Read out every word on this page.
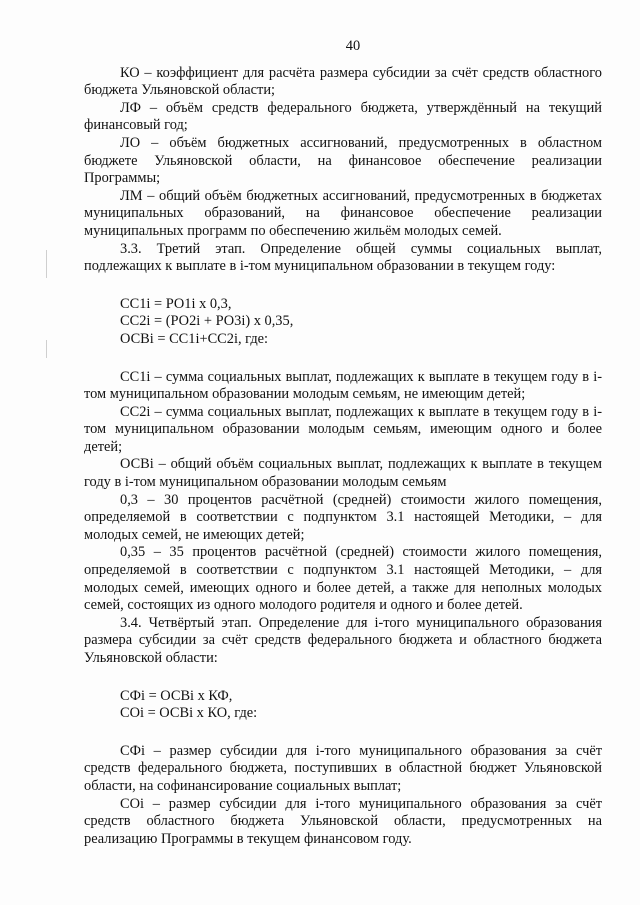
40

КО – коэффициент для расчёта размера субсидии за счёт средств областного бюджета Ульяновской области;

ЛФ – объём средств федерального бюджета, утверждённый на текущий финансовый год;

ЛО – объём бюджетных ассигнований, предусмотренных в областном бюджете Ульяновской области, на финансовое обеспечение реализации Программы;

ЛМ – общий объём бюджетных ассигнований, предусмотренных в бюджетах муниципальных образований, на финансовое обеспечение реализации муниципальных программ по обеспечению жильём молодых семей.

3.3. Третий этап. Определение общей суммы социальных выплат, подлежащих к выплате в i-том муниципальном образовании в текущем году:

СС1i = РО1i x 0,3,
СС2i = (РО2i + РО3i) x 0,35,
ОСВi = СС1i+СС2i, где:

СС1i – сумма социальных выплат, подлежащих к выплате в текущем году в i-том муниципальном образовании молодым семьям, не имеющим детей;

СС2i – сумма социальных выплат, подлежащих к выплате в текущем году в i-том муниципальном образовании молодым семьям, имеющим одного и более детей;

ОСВi – общий объём социальных выплат, подлежащих к выплате в текущем году в i-том муниципальном образовании молодым семьям

0,3 – 30 процентов расчётной (средней) стоимости жилого помещения, определяемой в соответствии с подпунктом 3.1 настоящей Методики, – для молодых семей, не имеющих детей;

0,35 – 35 процентов расчётной (средней) стоимости жилого помещения, определяемой в соответствии с подпунктом 3.1 настоящей Методики, – для молодых семей, имеющих одного и более детей, а также для неполных молодых семей, состоящих из одного молодого родителя и одного и более детей.

3.4. Четвёртый этап. Определение для i-того муниципального образования размера субсидии за счёт средств федерального бюджета и областного бюджета Ульяновской области:

СФi = ОСВi x КФ,
СОi = ОСВi x КО, где:

СФi – размер субсидии для i-того муниципального образования за счёт средств федерального бюджета, поступивших в областной бюджет Ульяновской области, на софинансирование социальных выплат;

СОi – размер субсидии для i-того муниципального образования за счёт средств областного бюджета Ульяновской области, предусмотренных на реализацию Программы в текущем финансовом году.
